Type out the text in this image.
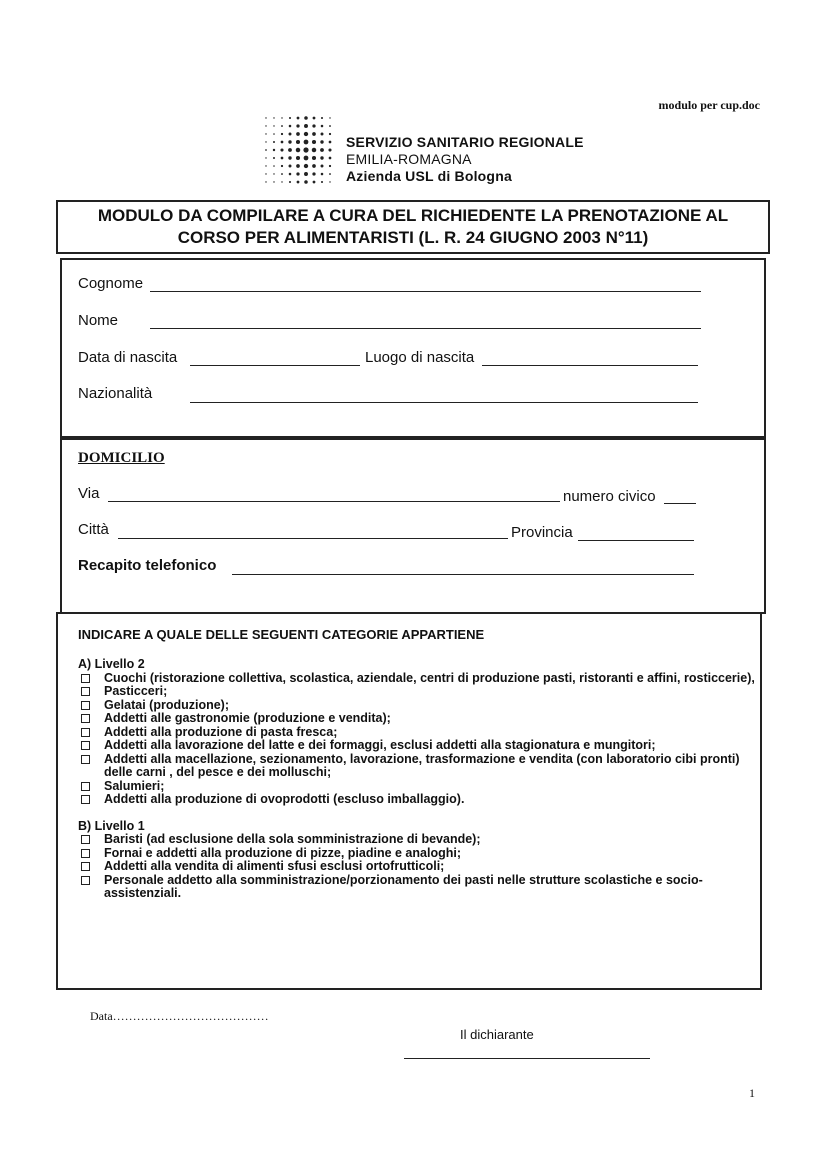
modulo per cup.doc
SERVIZIO SANITARIO REGIONALE
EMILIA-ROMAGNA
Azienda USL di Bologna
MODULO DA COMPILARE A CURA DEL RICHIEDENTE LA PRENOTAZIONE AL
CORSO PER ALIMENTARISTI (L. R. 24 GIUGNO 2003 N°11)
Cognome
Nome
Data di nascita	Luogo di nascita
Nazionalità
DOMICILIO
Via	numero civico
Città	Provincia
Recapito telefonico
INDICARE A QUALE DELLE SEGUENTI CATEGORIE APPARTIENE
A) Livello 2
Cuochi (ristorazione collettiva, scolastica, aziendale, centri di produzione pasti, ristoranti e affini, rosticcerie),
Pasticceri;
Gelatai (produzione);
Addetti alle gastronomie (produzione e vendita);
Addetti alla produzione di pasta fresca;
Addetti alla lavorazione del latte e dei formaggi, esclusi addetti alla stagionatura e mungitori;
Addetti alla macellazione, sezionamento, lavorazione, trasformazione e vendita (con laboratorio cibi pronti) delle carni , del pesce e dei molluschi;
Salumieri;
Addetti alla produzione di ovoprodotti (escluso imballaggio).
B) Livello 1
Baristi (ad esclusione della sola somministrazione di bevande);
Fornai e addetti alla produzione di pizze, piadine e analoghi;
Addetti alla vendita di alimenti sfusi esclusi ortofrutticoli;
Personale addetto alla somministrazione/porzionamento dei pasti nelle strutture scolastiche e socio-assistenziali.
Data…………………………………
Il dichiarante
1
